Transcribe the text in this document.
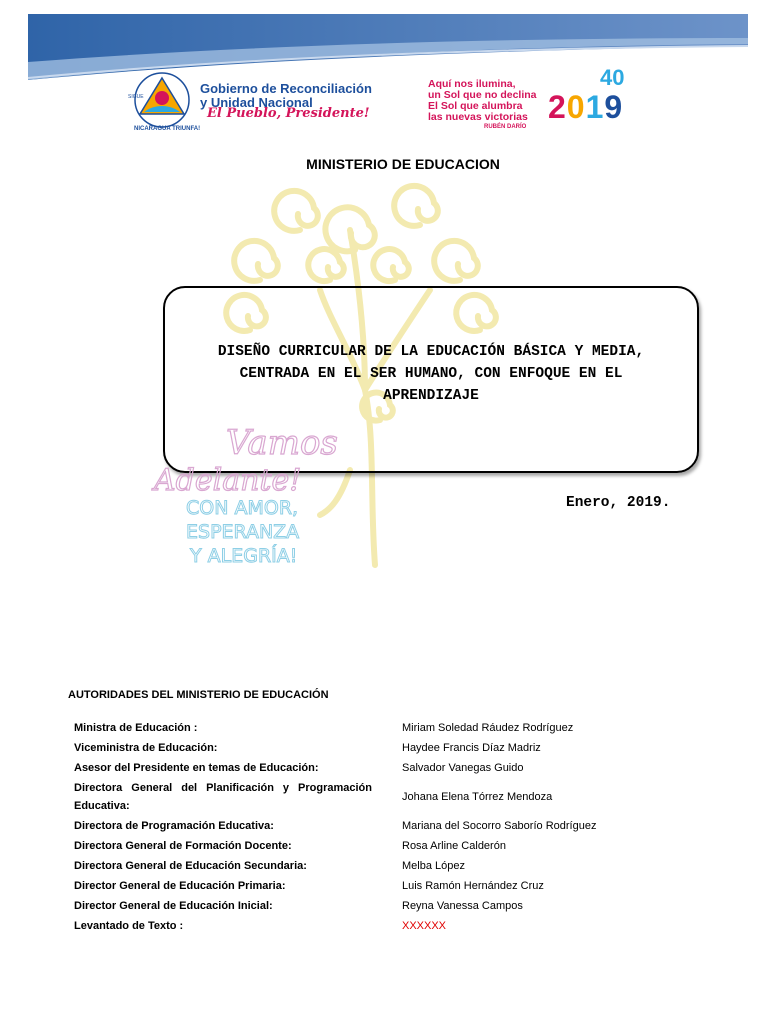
NICARAGUA TRIUNFA!
SIGUE
Gobierno de Reconciliación
y Unidad Nacional
El Pueblo, Presidente!
Aquí nos ilumina,
un Sol que no declina
El Sol que alumbra
las nuevas victorias
RUBÉN DARÍO
40
2019
MINISTERIO DE EDUCACION
DISEÑO CURRICULAR DE LA EDUCACIÓN BÁSICA Y MEDIA,
CENTRADA EN EL SER HUMANO, CON ENFOQUE EN EL
APRENDIZAJE
Vamos
Adelante!
CON AMOR,
ESPERANZA
Y ALEGRÍA!
Enero, 2019.
AUTORIDADES DEL MINISTERIO DE EDUCACIÓN
Ministra de Educación :	Miriam Soledad Ráudez Rodríguez
Viceministra de Educación:	Haydee Francis Díaz Madriz
Asesor del Presidente en temas de Educación:	Salvador Vanegas Guido
Directora General del Planificación y Programación Educativa:	Johana Elena Tórrez Mendoza
Directora de Programación Educativa:	Mariana del Socorro Saborío Rodríguez
Directora General de Formación Docente:	Rosa Arline Calderón
Directora General de Educación Secundaria:	Melba López
Director General de Educación Primaria:	Luis Ramón Hernández Cruz
Director General de Educación Inicial:	Reyna Vanessa Campos
Levantado de Texto :	XXXXXX
